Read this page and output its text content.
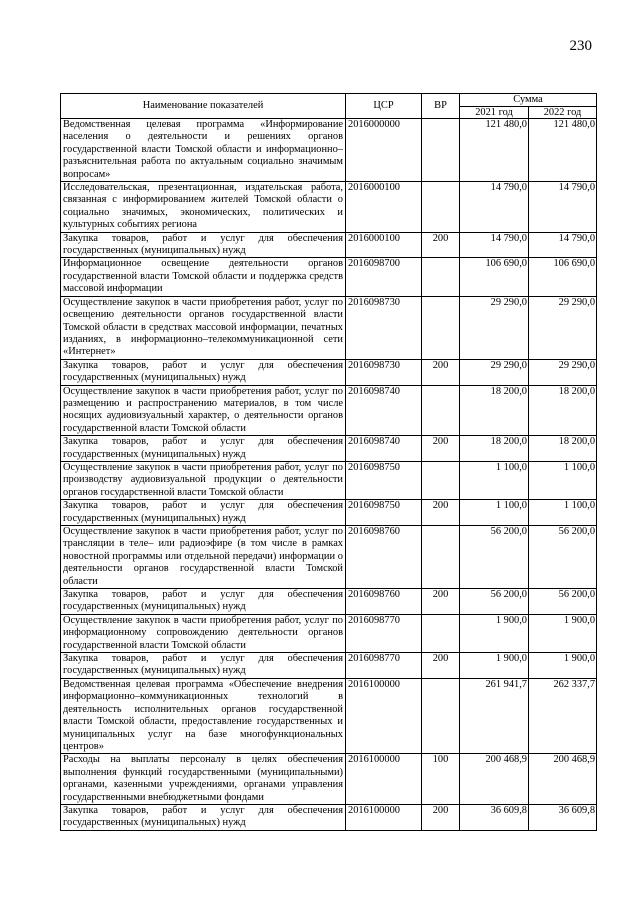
230
Наименование показателей	ЦСР	ВР	Сумма	
			2021 год	2022 год
Ведомственная целевая программа «Информирование населения о деятельности и решениях органов государственной власти Томской области и информационно–разъяснительная работа по актуальным социально значимым вопросам»	2016000000		121 480,0	121 480,0
Исследовательская, презентационная, издательская работа, связанная с информированием жителей Томской области о социально значимых, экономических, политических и культурных событиях региона	2016000100		14 790,0	14 790,0
Закупка товаров, работ и услуг для обеспечения государственных (муниципальных) нужд	2016000100	200	14 790,0	14 790,0
Информационное освещение деятельности органов государственной власти Томской области и поддержка средств массовой информации	2016098700		106 690,0	106 690,0
Осуществление закупок в части приобретения работ, услуг по освещению деятельности органов государственной власти Томской области в средствах массовой информации, печатных изданиях, в информационно–телекоммуникационной сети «Интернет»	2016098730		29 290,0	29 290,0
Закупка товаров, работ и услуг для обеспечения государственных (муниципальных) нужд	2016098730	200	29 290,0	29 290,0
Осуществление закупок в части приобретения работ, услуг по размещению и распространению материалов, в том числе носящих аудиовизуальный характер, о деятельности органов государственной власти Томской области	2016098740		18 200,0	18 200,0
Закупка товаров, работ и услуг для обеспечения государственных (муниципальных) нужд	2016098740	200	18 200,0	18 200,0
Осуществление закупок в части приобретения работ, услуг по производству аудиовизуальной продукции о деятельности органов государственной власти Томской области	2016098750		1 100,0	1 100,0
Закупка товаров, работ и услуг для обеспечения государственных (муниципальных) нужд	2016098750	200	1 100,0	1 100,0
Осуществление закупок в части приобретения работ, услуг по трансляции в теле– или радиоэфире (в том числе в рамках новостной программы или отдельной передачи) информации о деятельности органов государственной власти Томской области	2016098760		56 200,0	56 200,0
Закупка товаров, работ и услуг для обеспечения государственных (муниципальных) нужд	2016098760	200	56 200,0	56 200,0
Осуществление закупок в части приобретения работ, услуг по информационному сопровождению деятельности органов государственной власти Томской области	2016098770		1 900,0	1 900,0
Закупка товаров, работ и услуг для обеспечения государственных (муниципальных) нужд	2016098770	200	1 900,0	1 900,0
Ведомственная целевая программа «Обеспечение внедрения информационно–коммуникационных технологий в деятельность исполнительных органов государственной власти Томской области, предоставление государственных и муниципальных услуг на базе многофункциональных центров»	2016100000		261 941,7	262 337,7
Расходы на выплаты персоналу в целях обеспечения выполнения функций государственными (муниципальными) органами, казенными учреждениями, органами управления государственными внебюджетными фондами	2016100000	100	200 468,9	200 468,9
Закупка товаров, работ и услуг для обеспечения государственных (муниципальных) нужд	2016100000	200	36 609,8	36 609,8
